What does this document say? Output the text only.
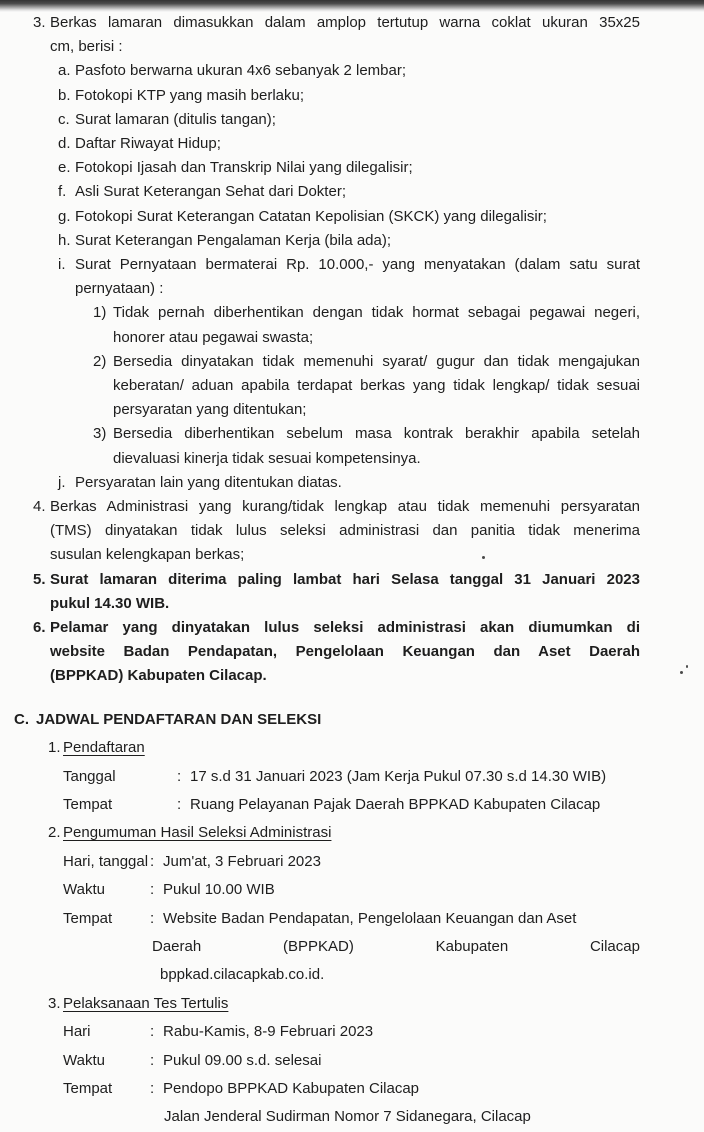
3. Berkas lamaran dimasukkan dalam amplop tertutup warna coklat ukuran 35x25
cm, berisi :
a. Pasfoto berwarna ukuran 4x6 sebanyak 2 lembar;
b. Fotokopi KTP yang masih berlaku;
c. Surat lamaran (ditulis tangan);
d. Daftar Riwayat Hidup;
e. Fotokopi Ijasah dan Transkrip Nilai yang dilegalisir;
f. Asli Surat Keterangan Sehat dari Dokter;
g. Fotokopi Surat Keterangan Catatan Kepolisian (SKCK) yang dilegalisir;
h. Surat Keterangan Pengalaman Kerja (bila ada);
i. Surat Pernyataan bermaterai Rp. 10.000,- yang menyatakan (dalam satu surat
pernyataan) :
1) Tidak pernah diberhentikan dengan tidak hormat sebagai pegawai negeri,
honorer atau pegawai swasta;
2) Bersedia dinyatakan tidak memenuhi syarat/ gugur dan tidak mengajukan
keberatan/ aduan apabila terdapat berkas yang tidak lengkap/ tidak sesuai
persyaratan yang ditentukan;
3) Bersedia diberhentikan sebelum masa kontrak berakhir apabila setelah
dievaluasi kinerja tidak sesuai kompetensinya.
j. Persyaratan lain yang ditentukan diatas.
4. Berkas Administrasi yang kurang/tidak lengkap atau tidak memenuhi persyaratan
(TMS) dinyatakan tidak lulus seleksi administrasi dan panitia tidak menerima
susulan kelengkapan berkas;
5. Surat lamaran diterima paling lambat hari Selasa tanggal 31 Januari 2023
pukul 14.30 WIB.
6. Pelamar yang dinyatakan lulus seleksi administrasi akan diumumkan di
website Badan Pendapatan, Pengelolaan Keuangan dan Aset Daerah
(BPPKAD) Kabupaten Cilacap.
C. JADWAL PENDAFTARAN DAN SELEKSI
1. Pendaftaran
Tanggal	: 17 s.d 31 Januari 2023 (Jam Kerja Pukul 07.30 s.d 14.30 WIB)
Tempat	: Ruang Pelayanan Pajak Daerah BPPKAD Kabupaten Cilacap
2. Pengumuman Hasil Seleksi Administrasi
Hari, tanggal : Jum'at, 3 Februari 2023
Waktu	: Pukul 10.00 WIB
Tempat	: Website Badan Pendapatan, Pengelolaan Keuangan dan Aset
Daerah	(BPPKAD)	Kabupaten	Cilacap
bppkad.cilacapkab.co.id.
3. Pelaksanaan Tes Tertulis
Hari	: Rabu-Kamis, 8-9 Februari 2023
Waktu	: Pukul 09.00 s.d. selesai
Tempat	: Pendopo BPPKAD Kabupaten Cilacap
Jalan Jenderal Sudirman Nomor 7 Sidanegara, Cilacap
